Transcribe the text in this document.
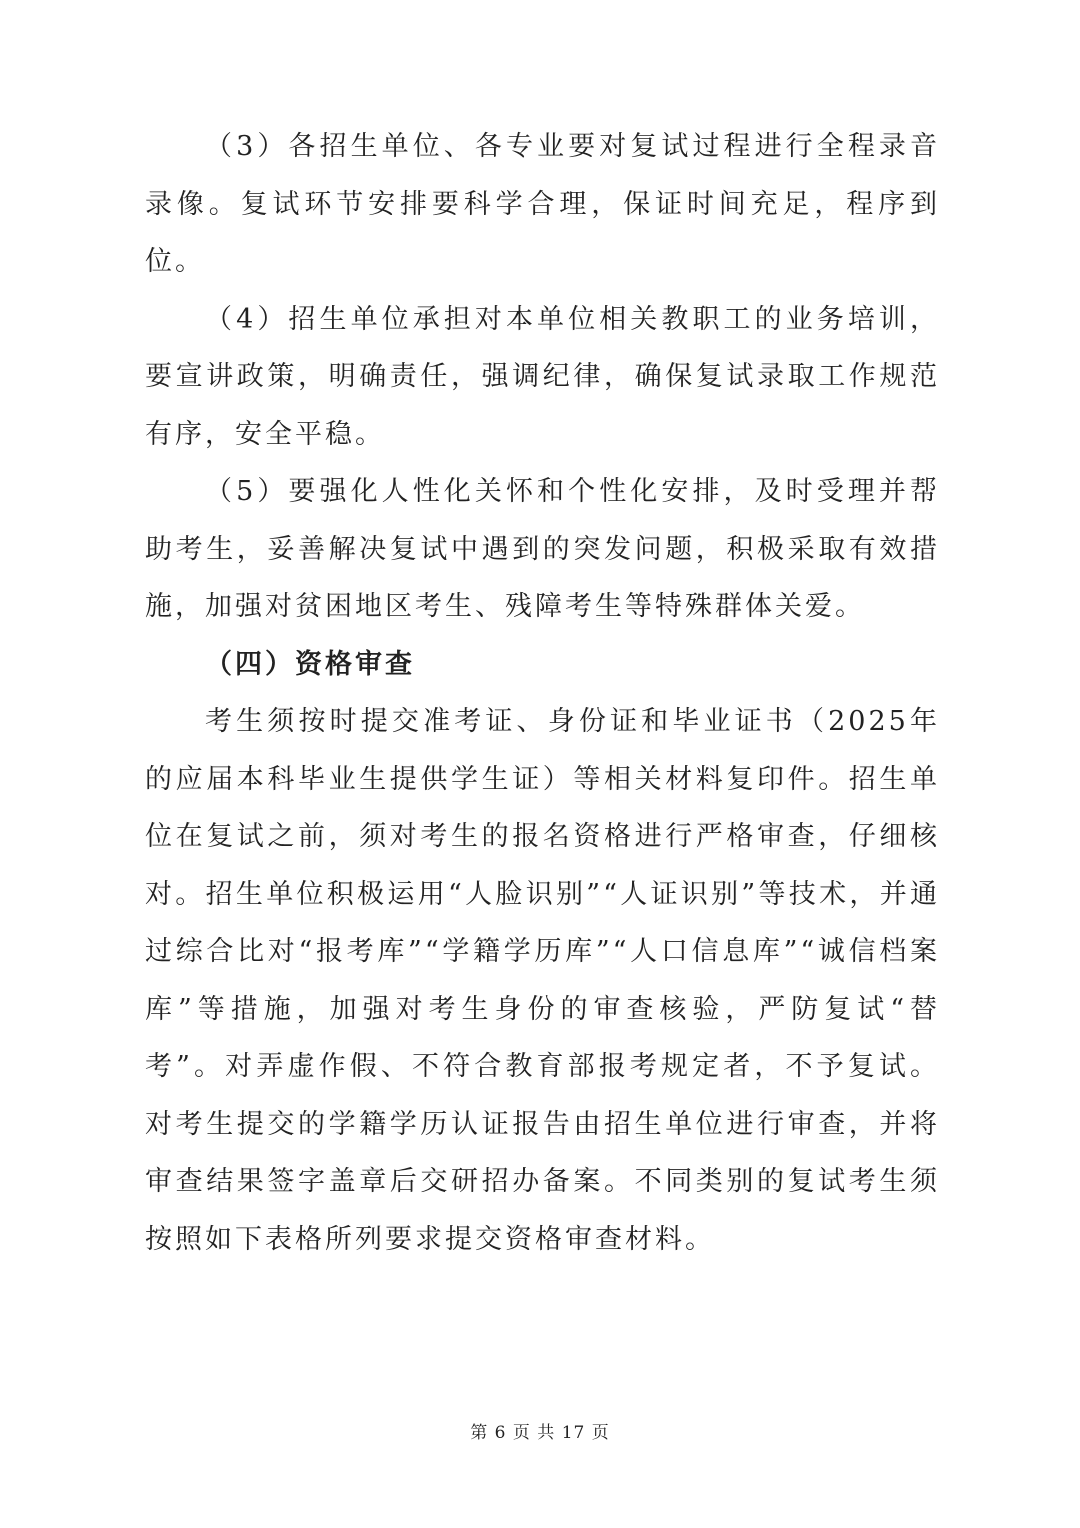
（3）各招生单位、各专业要对复试过程进行全程录音录像。复试环节安排要科学合理，保证时间充足，程序到位。

（4）招生单位承担对本单位相关教职工的业务培训，要宣讲政策，明确责任，强调纪律，确保复试录取工作规范有序，安全平稳。

（5）要强化人性化关怀和个性化安排，及时受理并帮助考生，妥善解决复试中遇到的突发问题，积极采取有效措施，加强对贫困地区考生、残障考生等特殊群体关爱。

（四）资格审查

考生须按时提交准考证、身份证和毕业证书（2025年的应届本科毕业生提供学生证）等相关材料复印件。招生单位在复试之前，须对考生的报名资格进行严格审查，仔细核对。招生单位积极运用“人脸识别”“人证识别”等技术，并通过综合比对“报考库”“学籍学历库”“人口信息库”“诚信档案库”等措施，加强对考生身份的审查核验，严防复试“替考”。对弄虚作假、不符合教育部报考规定者，不予复试。对考生提交的学籍学历认证报告由招生单位进行审查，并将审查结果签字盖章后交研招办备案。不同类别的复试考生须按照如下表格所列要求提交资格审查材料。

第 6 页 共 17 页
